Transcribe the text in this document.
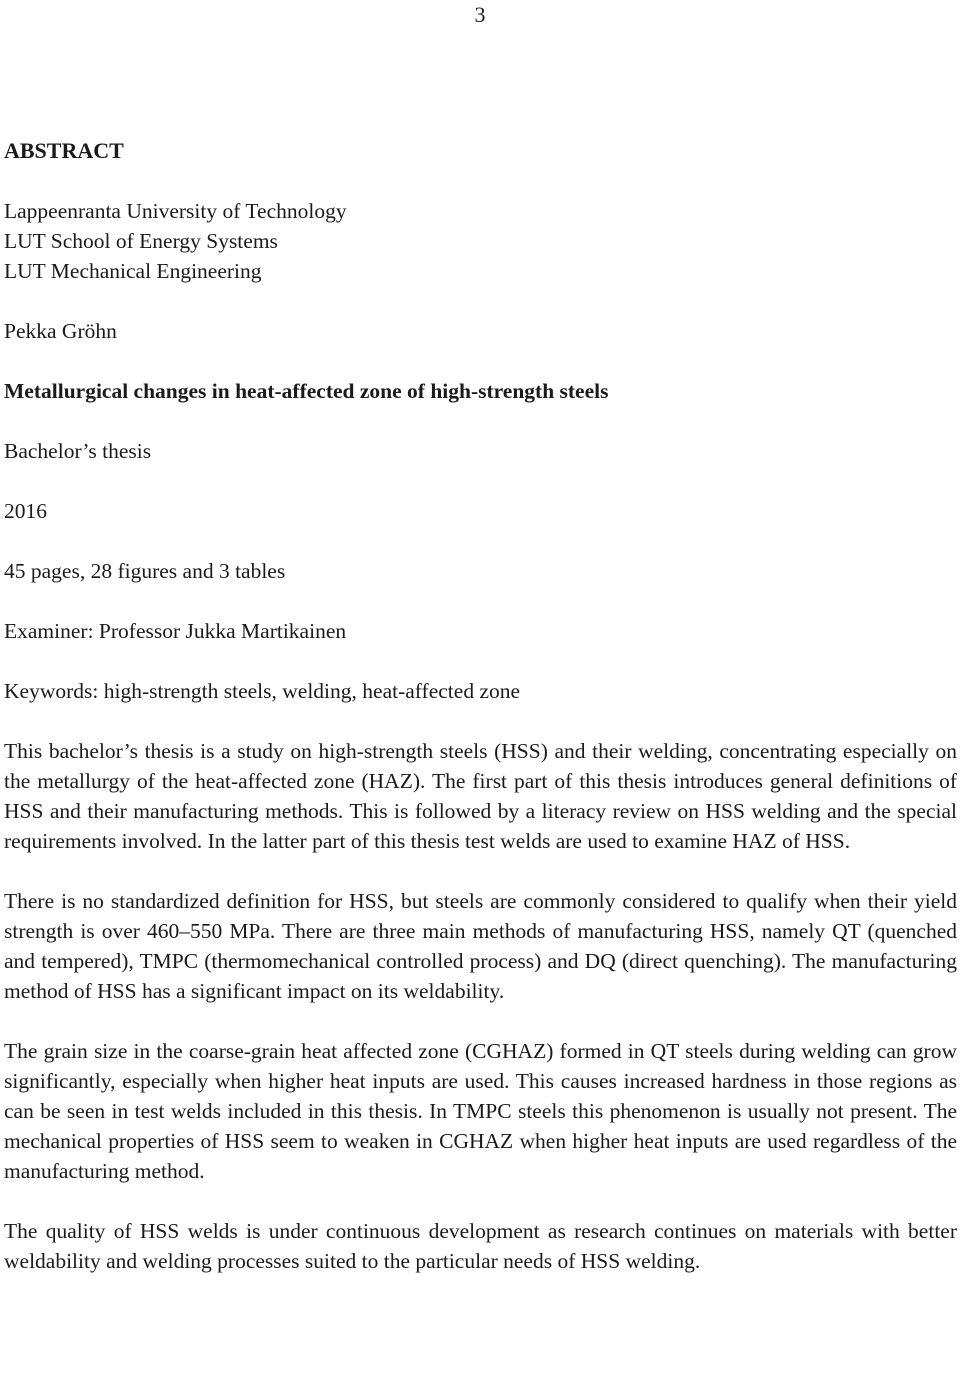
3
ABSTRACT
Lappeenranta University of Technology
LUT School of Energy Systems
LUT Mechanical Engineering
Pekka Gröhn
Metallurgical changes in heat-affected zone of high-strength steels
Bachelor’s thesis
2016
45 pages, 28 figures and 3 tables
Examiner: Professor Jukka Martikainen
Keywords: high-strength steels, welding, heat-affected zone

This bachelor’s thesis is a study on high-strength steels (HSS) and their welding, concentrating especially on the metallurgy of the heat-affected zone (HAZ). The first part of this thesis introduces general definitions of HSS and their manufacturing methods. This is followed by a literacy review on HSS welding and the special requirements involved. In the latter part of this thesis test welds are used to examine HAZ of HSS.

There is no standardized definition for HSS, but steels are commonly considered to qualify when their yield strength is over 460–550 MPa. There are three main methods of manufacturing HSS, namely QT (quenched and tempered), TMPC (thermomechanical controlled process) and DQ (direct quenching). The manufacturing method of HSS has a significant impact on its weldability.

The grain size in the coarse-grain heat affected zone (CGHAZ) formed in QT steels during welding can grow significantly, especially when higher heat inputs are used. This causes increased hardness in those regions as can be seen in test welds included in this thesis. In TMPC steels this phenomenon is usually not present. The mechanical properties of HSS seem to weaken in CGHAZ when higher heat inputs are used regardless of the manufacturing method.

The quality of HSS welds is under continuous development as research continues on materials with better weldability and welding processes suited to the particular needs of HSS welding.
